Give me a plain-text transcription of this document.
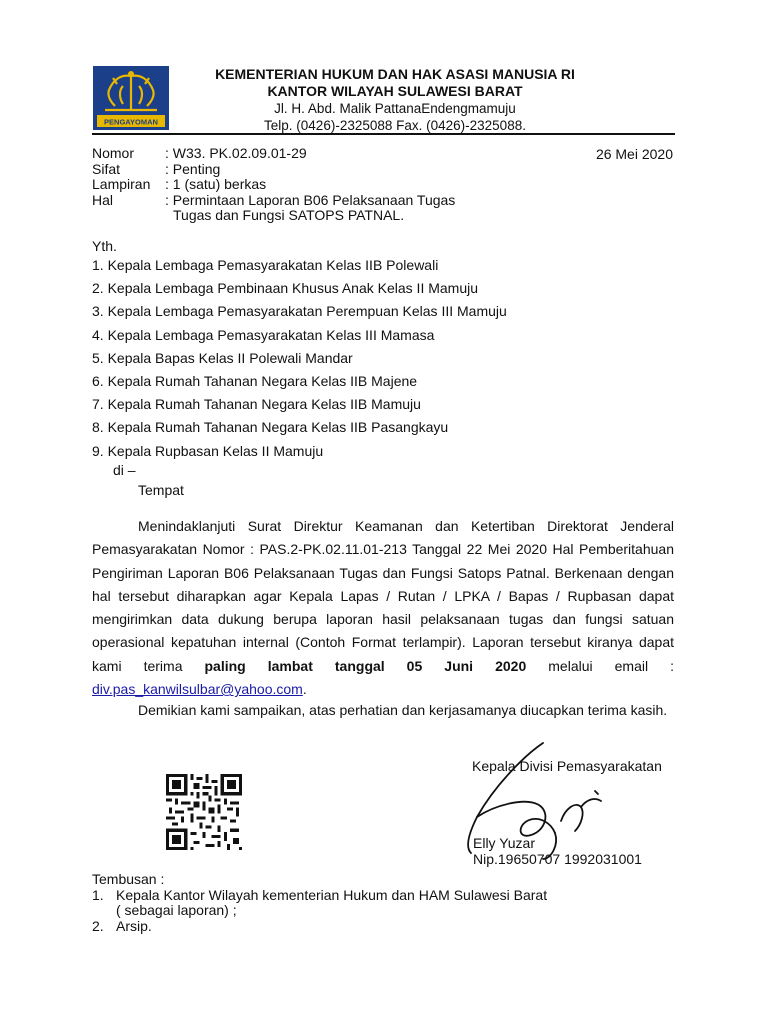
PENGAYOMAN
KEMENTERIAN HUKUM DAN HAK ASASI MANUSIA RI
KANTOR WILAYAH SULAWESI BARAT
Jl. H. Abd. Malik PattanaEndengmamuju
Telp. (0426)-2325088 Fax. (0426)-2325088.
Nomor	: W33. PK.02.09.01-29
Sifat	: Penting
Lampiran	: 1 (satu) berkas
Hal	: Permintaan Laporan B06 Pelaksanaan Tugas
Tugas dan Fungsi SATOPS PATNAL.
26 Mei 2020
Yth.
1. Kepala Lembaga Pemasyarakatan Kelas IIB Polewali
2. Kepala Lembaga Pembinaan Khusus Anak Kelas II Mamuju
3. Kepala Lembaga Pemasyarakatan Perempuan Kelas III Mamuju
4. Kepala Lembaga Pemasyarakatan Kelas III Mamasa
5. Kepala Bapas Kelas II Polewali Mandar
6. Kepala Rumah Tahanan Negara Kelas IIB Majene
7. Kepala Rumah Tahanan Negara Kelas IIB Mamuju
8. Kepala Rumah Tahanan Negara Kelas IIB Pasangkayu
9. Kepala Rupbasan Kelas II Mamuju
di –
Tempat

Menindaklanjuti Surat Direktur Keamanan dan Ketertiban Direktorat Jenderal Pemasyarakatan Nomor : PAS.2-PK.02.11.01-213 Tanggal 22 Mei 2020 Hal Pemberitahuan Pengiriman Laporan B06 Pelaksanaan Tugas dan Fungsi Satops Patnal. Berkenaan dengan hal tersebut diharapkan agar Kepala Lapas / Rutan / LPKA / Bapas / Rupbasan dapat mengirimkan data dukung berupa laporan hasil pelaksanaan tugas dan fungsi satuan operasional kepatuhan internal (Contoh Format terlampir). Laporan tersebut kiranya dapat kami terima paling lambat tanggal 05 Juni 2020 melalui email : div.pas_kanwilsulbar@yahoo.com.

Demikian kami sampaikan, atas perhatian dan kerjasamanya diucapkan terima kasih.

Kepala Divisi Pemasyarakatan
Elly Yuzar
Nip.19650707 1992031001
Tembusan :
1. Kepala Kantor Wilayah kementerian Hukum dan HAM Sulawesi Barat
( sebagai laporan) ;
2. Arsip.
